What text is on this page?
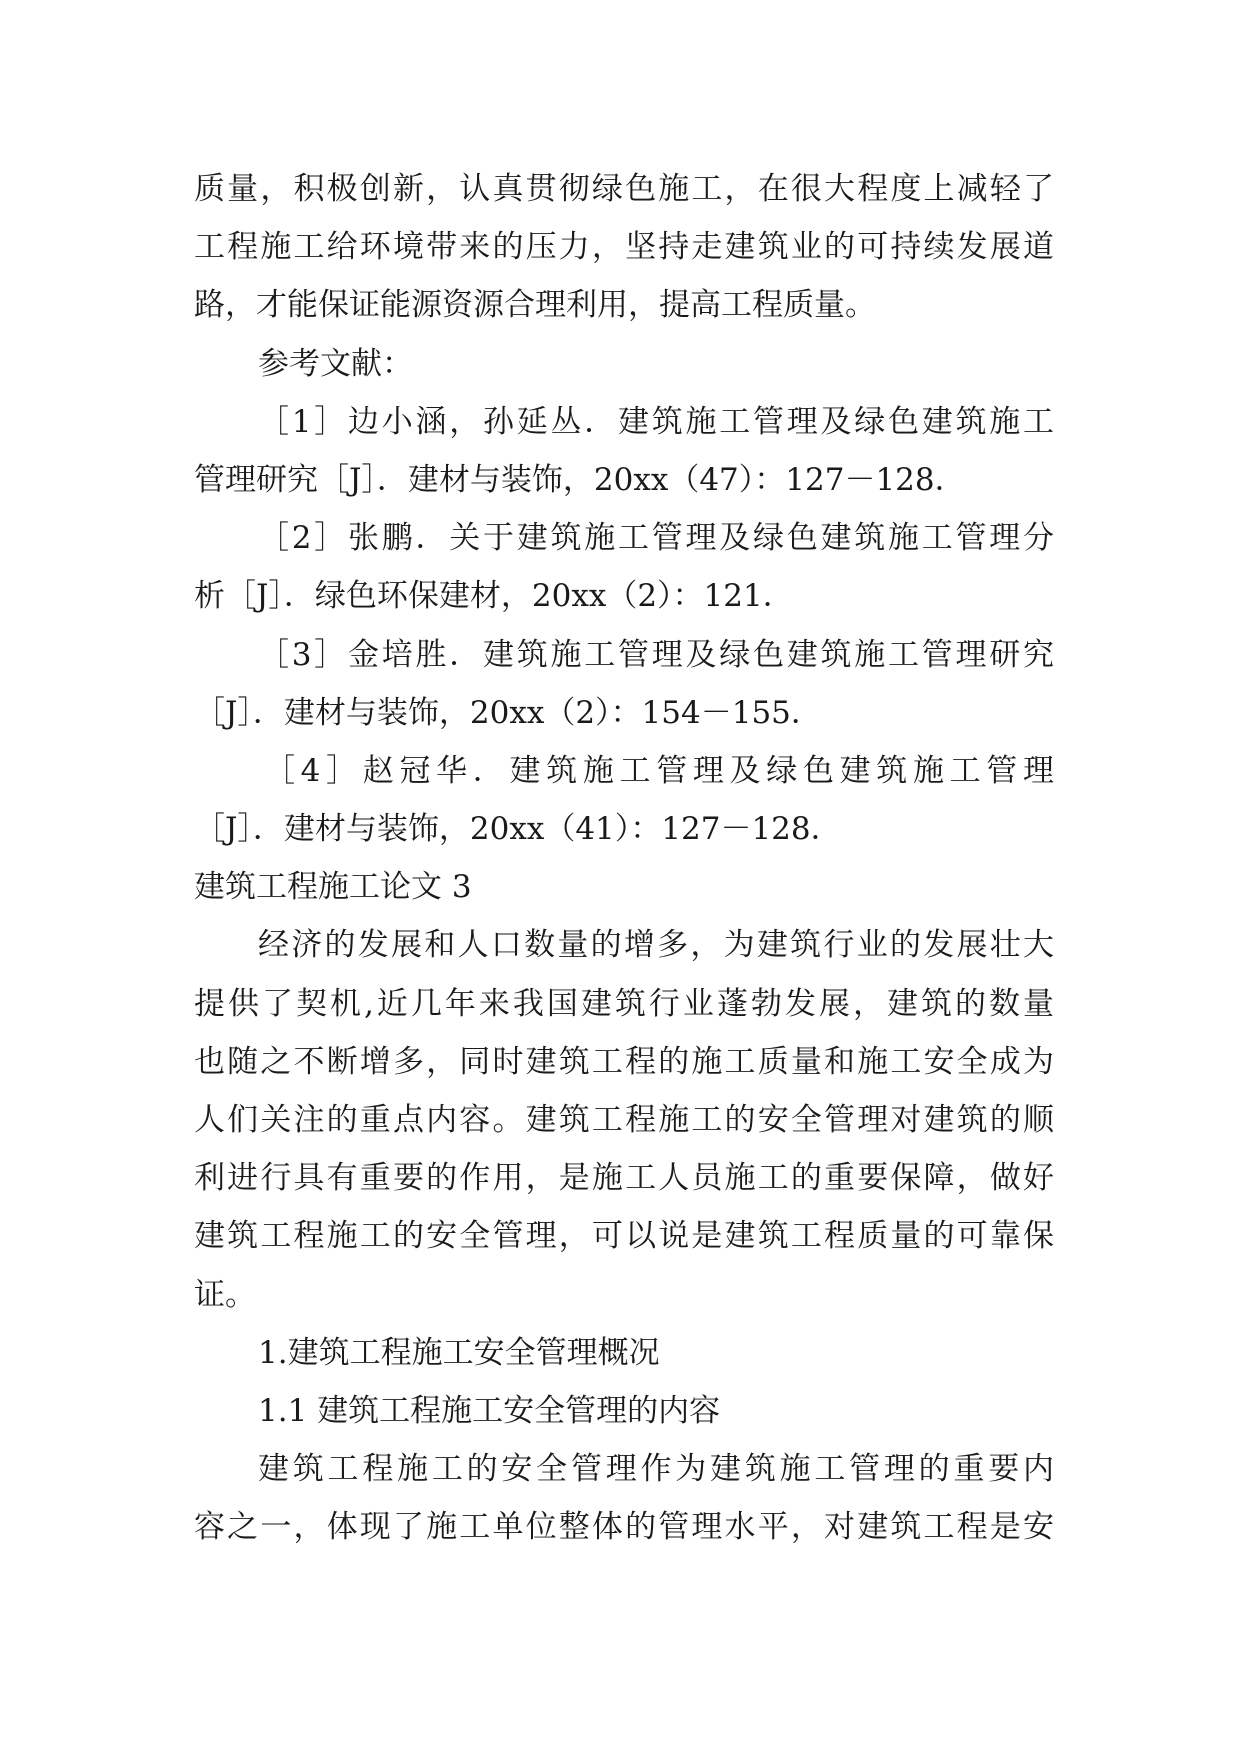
质量，积极创新，认真贯彻绿色施工，在很大程度上减轻了
工程施工给环境带来的压力，坚持走建筑业的可持续发展道
路，才能保证能源资源合理利用，提高工程质量。
参考文献：
［1］边小涵，孙延丛．建筑施工管理及绿色建筑施工
管理研究［J］．建材与装饰，20xx（47）：127－128．
［2］张鹏．关于建筑施工管理及绿色建筑施工管理分
析［J］．绿色环保建材，20xx（2）：121．
［3］金培胜．建筑施工管理及绿色建筑施工管理研究
［J］．建材与装饰，20xx（2）：154－155．
［4］赵冠华．建筑施工管理及绿色建筑施工管理
［J］．建材与装饰，20xx（41）：127－128．
建筑工程施工论文 3
经济的发展和人口数量的增多，为建筑行业的发展壮大
提供了契机,近几年来我国建筑行业蓬勃发展，建筑的数量
也随之不断增多，同时建筑工程的施工质量和施工安全成为
人们关注的重点内容。建筑工程施工的安全管理对建筑的顺
利进行具有重要的作用，是施工人员施工的重要保障，做好
建筑工程施工的安全管理，可以说是建筑工程质量的可靠保
证。
1.建筑工程施工安全管理概况
1.1 建筑工程施工安全管理的内容
建筑工程施工的安全管理作为建筑施工管理的重要内
容之一，体现了施工单位整体的管理水平，对建筑工程是安
